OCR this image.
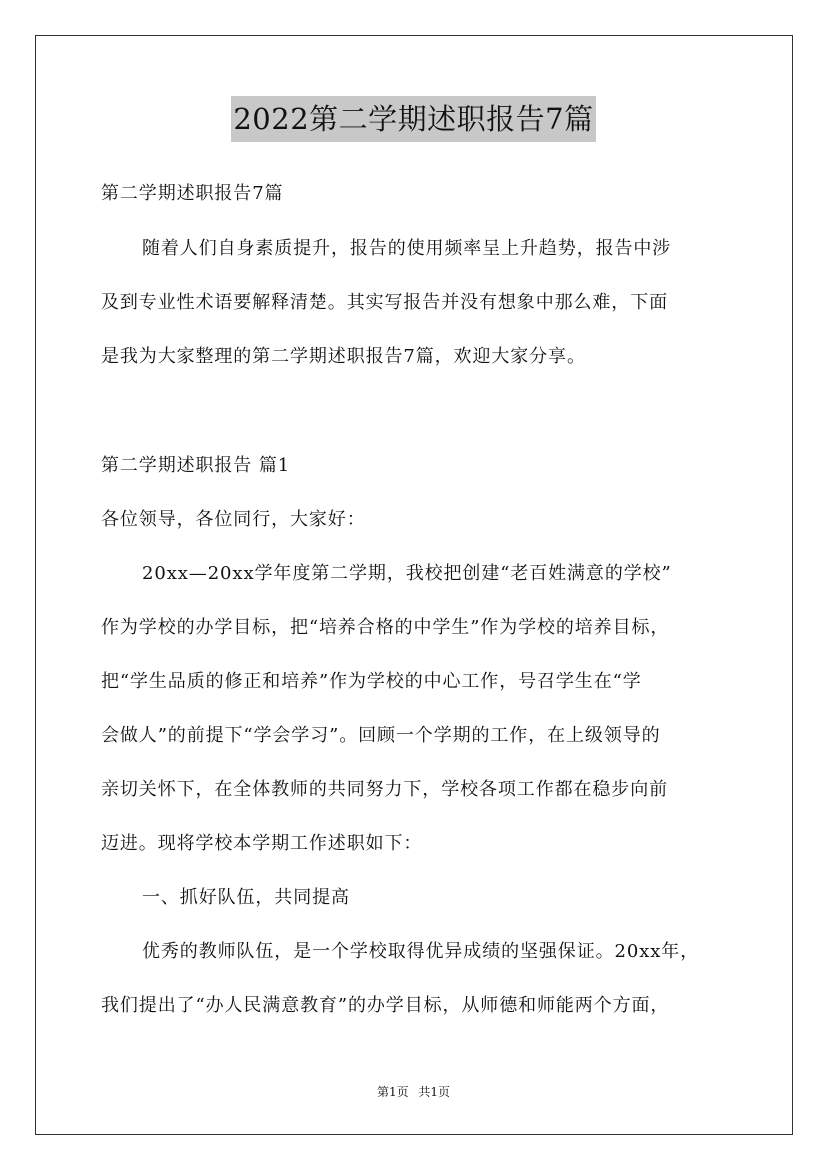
2022第二学期述职报告7篇
第二学期述职报告7篇
随着人们自身素质提升，报告的使用频率呈上升趋势，报告中涉
及到专业性术语要解释清楚。其实写报告并没有想象中那么难，下面
是我为大家整理的第二学期述职报告7篇，欢迎大家分享。
第二学期述职报告 篇1
各位领导，各位同行，大家好：
20xx—20xx学年度第二学期，我校把创建“老百姓满意的学校”
作为学校的办学目标，把“培养合格的中学生”作为学校的培养目标，
把“学生品质的修正和培养”作为学校的中心工作，号召学生在“学
会做人”的前提下“学会学习”。回顾一个学期的工作，在上级领导的
亲切关怀下，在全体教师的共同努力下，学校各项工作都在稳步向前
迈进。现将学校本学期工作述职如下：
一、抓好队伍，共同提高
优秀的教师队伍，是一个学校取得优异成绩的坚强保证。20xx年，
我们提出了“办人民满意教育”的办学目标，从师德和师能两个方面，
第1页 共1页
